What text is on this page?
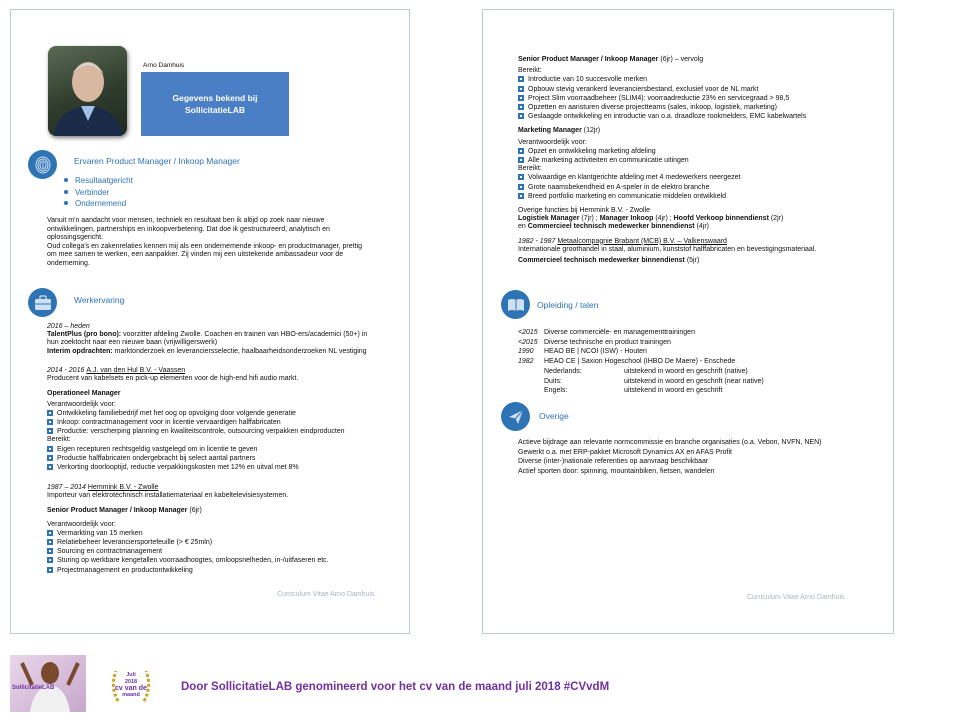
Arno Damhuis
Gegevens bekend bij
SollicitatieLAB
Ervaren Product Manager / Inkoop Manager
Resultaatgericht
Verbinder
Ondernemend
Vanuit m'n aandacht voor mensen, techniek en resultaat ben ik altijd op zoek naar nieuwe
ontwikkelingen, partnerships en inkoopverbetering. Dat doe ik gestructureerd, analytisch en
oplossingsgericht.
Oud collega's en zakenrelaties kennen mij als een ondernemende inkoop- en productmanager, prettig
om mee samen te werken, een aanpakker. Zij vinden mij een uitstekende ambassadeur voor de
onderneming.
Werkervaring
2016 – heden
TalentPlus (pro bono): voorzitter afdeling Zwolle. Coachen en trainen van HBO-ers/academici (50+) in
hun zoektocht naar een nieuwe baan (vrijwilligerswerk)
Interim opdrachten: marktonderzoek en leveranciersselectie, haalbaarheidsonderzoeken NL vestiging
2014 - 2016 A.J. van den Hul B.V. - Vaassen
Producent van kabelsets en pick-up elementen voor de high-end hifi audio markt.
Operationeel Manager
Verantwoordelijk voor:
Ontwikkeling familiebedrijf met het oog op opvolging door volgende generatie
Inkoop: contractmanagement voor in licentie vervaardigen halffabricaten
Productie: verscherping planning en kwaliteitscontrole, outsourcing verpakken eindproducten
Bereikt:
Eigen recepturen rechtsgeldig vastgelegd om in licentie te geven
Productie halffabricaten ondergebracht bij select aantal partners
Verkorting doorlooptijd, reductie verpakkingskosten met 12% en uitval met 8%
1987 – 2014 Hemmink B.V. - Zwolle
Importeur van elektrotechnisch installatiemateriaal en kabeltelevisiesystemen.
Senior Product Manager / Inkoop Manager (6jr)
Verantwoordelijk voor:
Vermarkting van 15 merken
Relatiebeheer leveranciersportefeuille (> € 25mln)
Sourcing en contractmanagement
Sturing op werkbare kengetallen voorraadhoogtes, omloopsnelheden, in-/uitfaseren etc.
Projectmanagement en productontwikkeling
Curriculum Vitae Arno Damhuis
Senior Product Manager / Inkoop Manager (6jr) – vervolg
Bereikt:
Introductie van 10 succesvolle merken
Opbouw stevig verankerd leveranciersbestand, exclusief voor de NL markt
Project Slim voorraadbeheer (SLIM4): voorraadreductie 23% en servicegraad > 98,5
Opzetten en aansturen diverse projectteams (sales, inkoop, logistiek, marketing)
Geslaagde ontwikkeling en introductie van o.a. draadloze rookmelders, EMC kabelwartels
Marketing Manager (12jr)
Verantwoordelijk voor:
Opzet en ontwikkeling marketing afdeling
Alle marketing activiteiten en communicatie uitingen
Bereikt:
Volwaardige en klantgerichte afdeling met 4 medewerkers neergezet
Grote naamsbekendheid en A-speler in de elektro branche
Breed portfolio marketing en communicatie middelen ontwikkeld
Overige functies bij Hemmink B.V. - Zwolle
Logistiek Manager (7jr) ; Manager Inkoop (4jr) ; Hoofd Verkoop binnendienst (2jr)
en Commercieel technisch medewerker binnendienst (4jr)
1982 - 1987 Metaalcompagnie Brabant (MCB) B.V. – Valkenswaard
Internationale groothandel in staal, aluminium, kunststof halffabricaten en bevestigingsmateriaal.
Commercieel technisch medewerker binnendienst (5jr)
Opleiding / talen
<2015 Diverse commerciële- en managementtrainingen
<2015 Diverse technische en product trainingen
1990 HEAO BE | NCOI (ISW) - Houten
1982 HEAO CE | Saxion Hogeschool (IHBO De Maere) - Enschede
Nederlands:	uitstekend in woord en geschrift (native)
Duits:	uitstekend in woord en geschrift (near native)
Engels:	uitstekend in woord en geschrift
Overige
Actieve bijdrage aan relevante normcommissie en branche organisaties (o.a. Vebon, NVFN, NEN)
Gewerkt o.a. met ERP-pakket Microsoft Dynamics AX en AFAS Profit
Diverse (inter-)nationale referenties op aanvraag beschikbaar
Actief sporten door: spinning, mountainbiken, fietsen, wandelen
Curriculum Vitae Arno Damhuis
SollicitatieLAB
Juli
2018
cv van de
maand
Door SollicitatieLAB genomineerd voor het cv van de maand juli 2018 #CVvdM
